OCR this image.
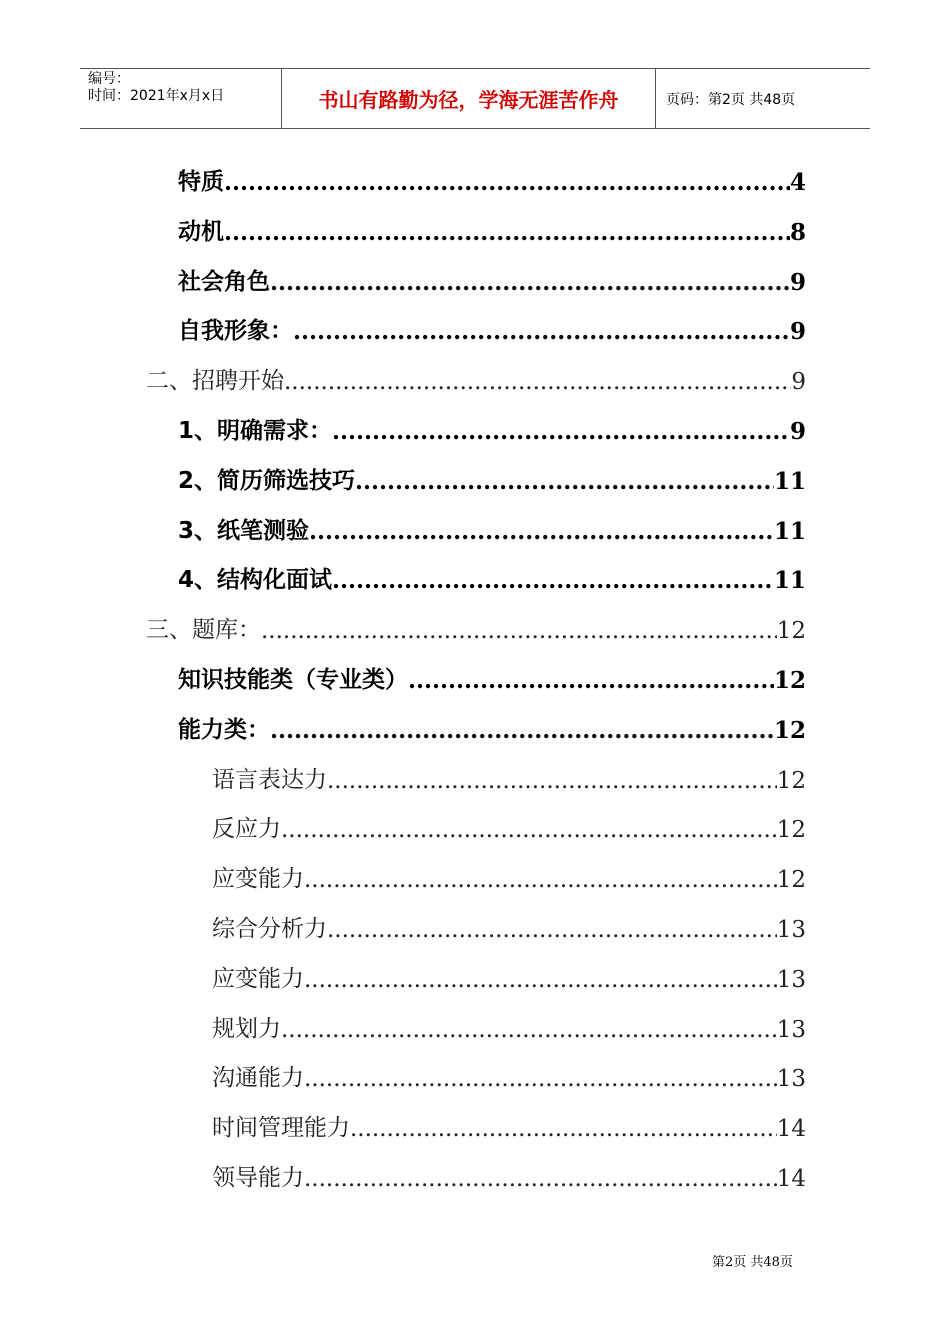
编号：
时间：2021年x月x日	书山有路勤为径，学海无涯苦作舟	页码：第2页 共48页
特质 .....	4
动机 .....	8
社会角色 .....	9
自我形象： .....	9
二、招聘开始 .....	9
1、明确需求： .....	9
2、简历筛选技巧 .....	11
3、纸笔测验 .....	11
4、结构化面试 .....	11
三、题库： .....	12
知识技能类（专业类） .....	12
能力类： .....	12
语言表达力 .....	12
反应力 .....	12
应变能力 .....	12
综合分析力 .....	13
应变能力 .....	13
规划力 .....	13
沟通能力 .....	13
时间管理能力 .....	14
领导能力 .....	14
第2页 共48页
